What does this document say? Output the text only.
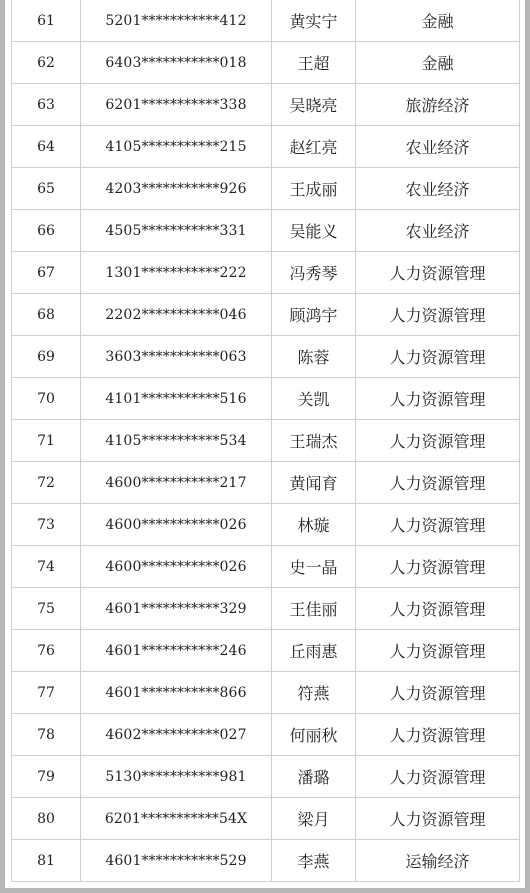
61	5201***********412	黄实宁	金融
62	6403***********018	王超	金融
63	6201***********338	吴晓亮	旅游经济
64	4105***********215	赵红亮	农业经济
65	4203***********926	王成丽	农业经济
66	4505***********331	吴能义	农业经济
67	1301***********222	冯秀琴	人力资源管理
68	2202***********046	顾鸿宇	人力资源管理
69	3603***********063	陈蓉	人力资源管理
70	4101***********516	关凯	人力资源管理
71	4105***********534	王瑞杰	人力资源管理
72	4600***********217	黄闻育	人力资源管理
73	4600***********026	林璇	人力资源管理
74	4600***********026	史一晶	人力资源管理
75	4601***********329	王佳丽	人力资源管理
76	4601***********246	丘雨惠	人力资源管理
77	4601***********866	符燕	人力资源管理
78	4602***********027	何丽秋	人力资源管理
79	5130***********981	潘璐	人力资源管理
80	6201***********54X	梁月	人力资源管理
81	4601***********529	李燕	运输经济
